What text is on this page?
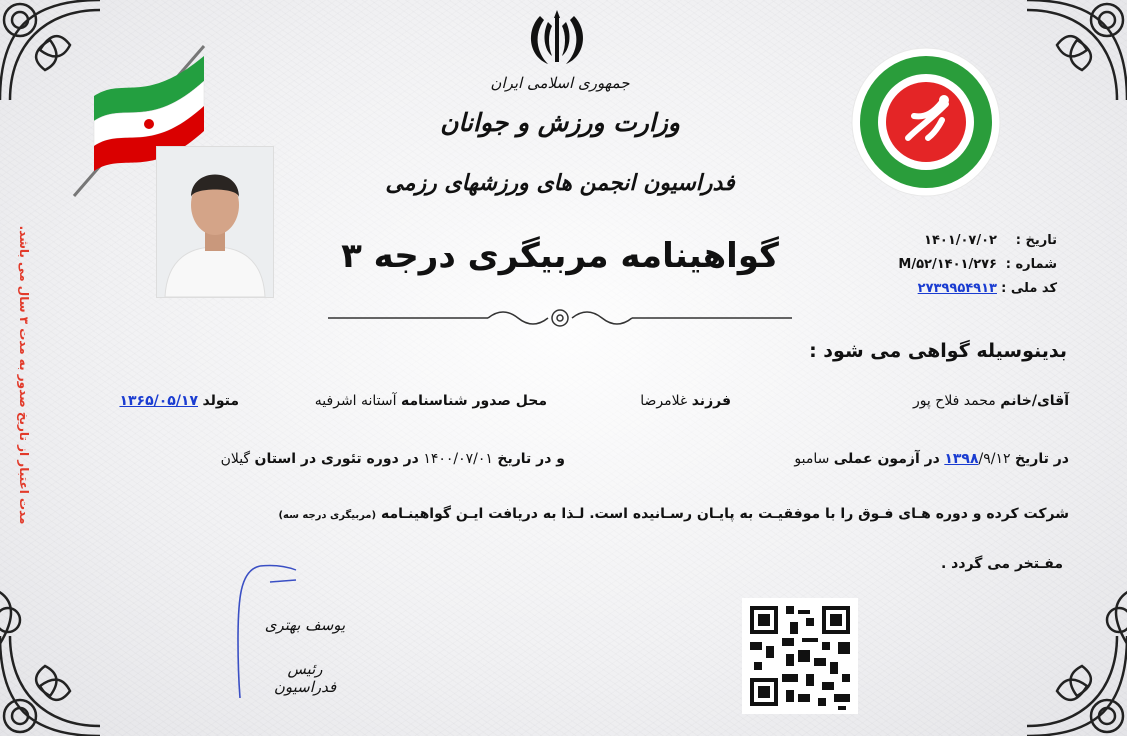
مدت اعتبار از تاریخ صدور به مدت ۳ سال می باشد.
جمهوری اسلامی ایران
وزارت ورزش و جوانان
فدراسیون انجمن های ورزشهای رزمی
گواهینامه مربیگری درجه ۳	تاریخ :
۱۴۰۱/۰۷/۰۲
شماره :
۱۴۰۱/۲۷۶/M/۵۲
کد ملی :
۲۷۳۹۹۵۴۹۱۳
بدینوسیله گواهی می شود :
آقای/خانم محمد فلاح پور
فرزند غلامرضا
محل صدور شناسنامه آستانه اشرفیه
متولد ۱۳۶۵/۰۵/۱۷
در تاریخ ۱۳۹۸/۹/۱۲ در آزمون عملی سامبو
و در تاریخ ۱۴۰۰/۰۷/۰۱ در دوره تئوری در استان گیلان
شرکت کرده و دوره هـای فـوق را با موفقیـت به پایـان رسـانیده است. لـذا به دریافت ایـن گواهینـامه (مربیگری درجه سه)
مفـتخر می گردد .
یوسف بهتری
رئیس فدراسیون
